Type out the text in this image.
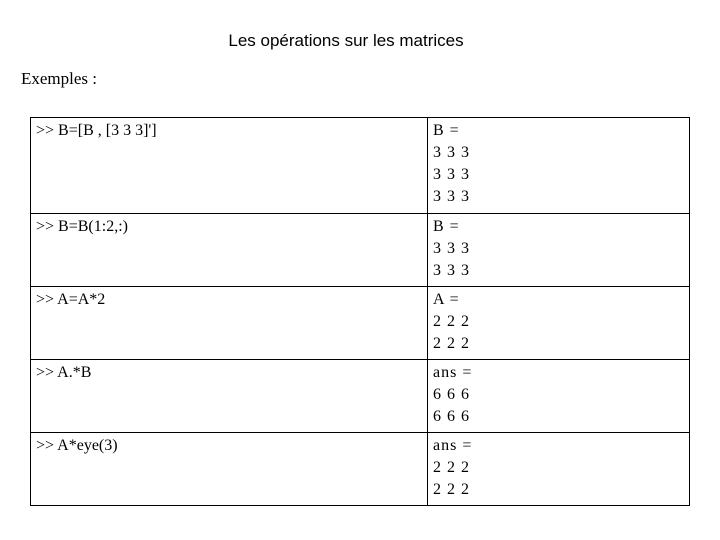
Les opérations sur les matrices
Exemples :
>> B=[B , [3 3 3]']	B =
3 3 3
3 3 3
3 3 3

>> B=B(1:2,:)	B =
3 3 3
3 3 3

>> A=A*2	A =
2 2 2
2 2 2

>> A.*B	ans =
6 6 6
6 6 6

>> A*eye(3)	ans =
2 2 2
2 2 2
